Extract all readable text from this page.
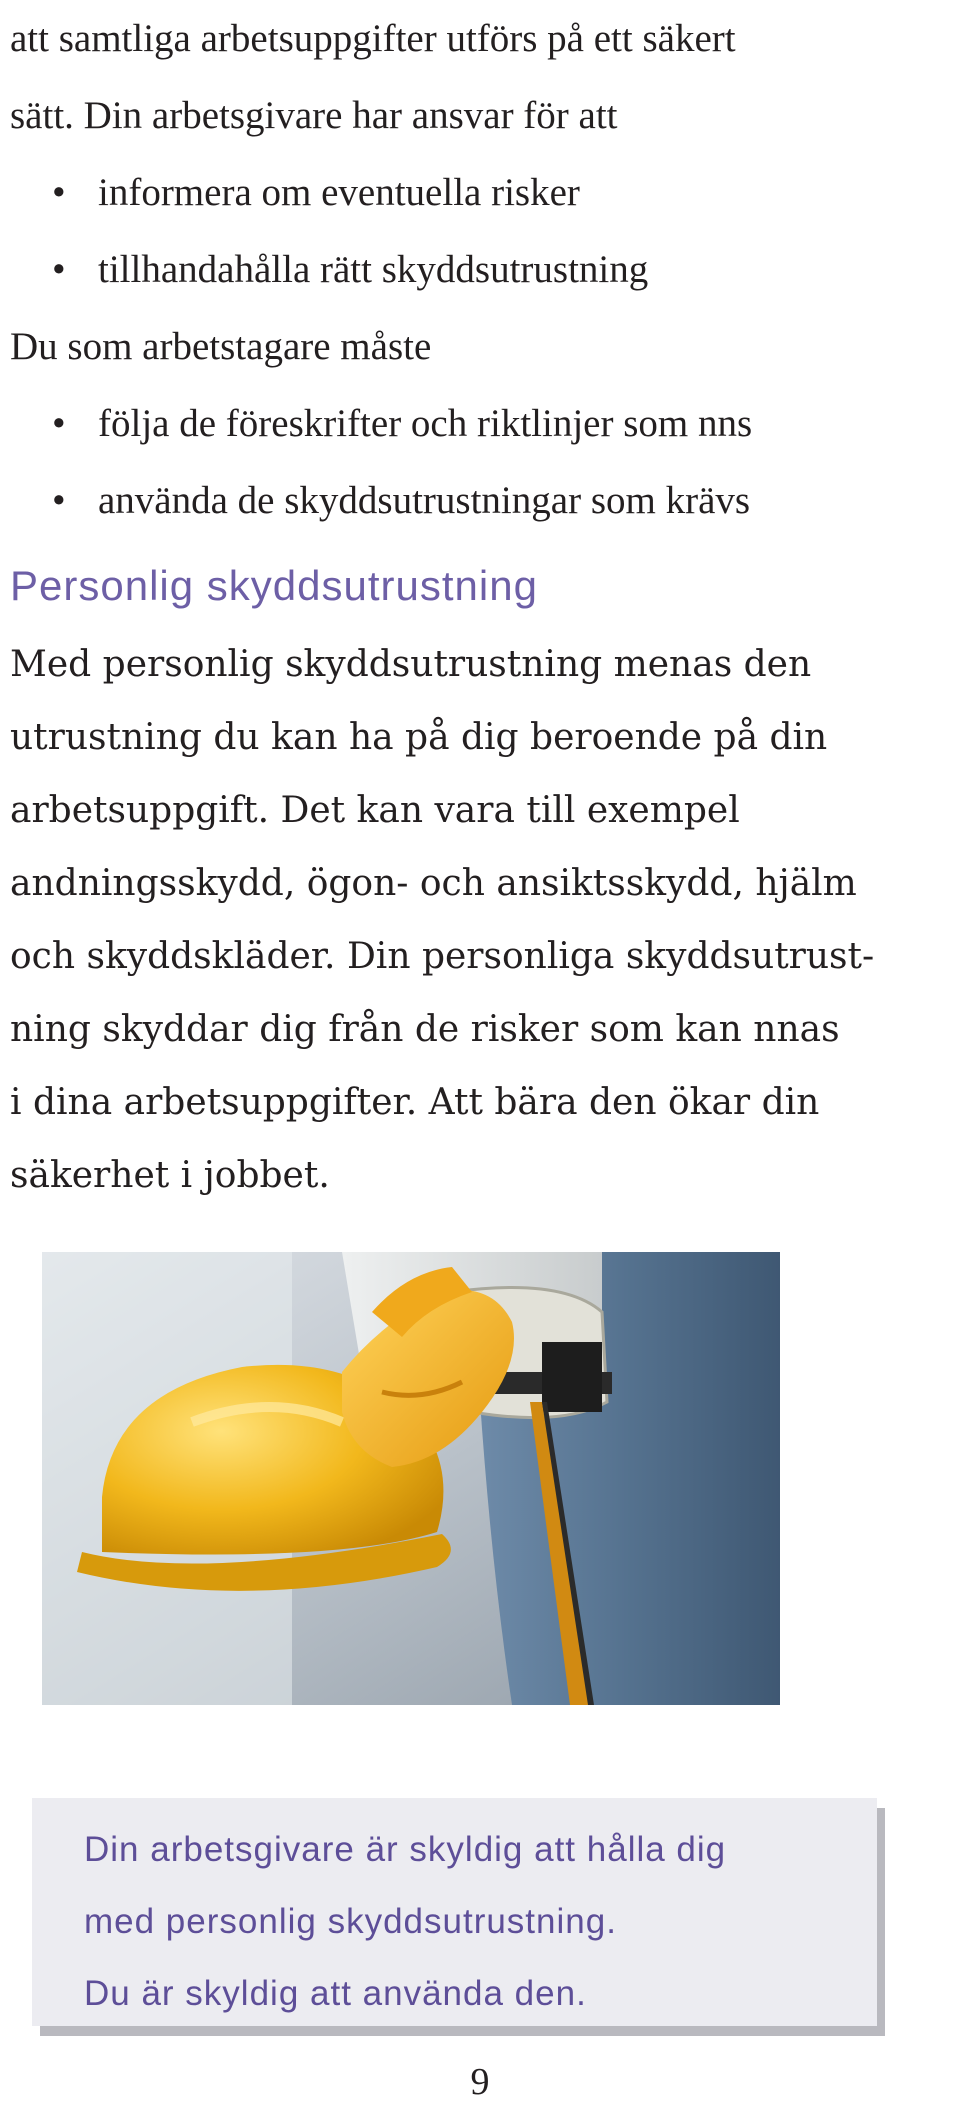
att samtliga arbetsuppgifter utförs på ett säkert
sätt. Din arbetsgivare har ansvar för att
• informera om eventuella risker
• tillhandahålla rätt skyddsutrustning
Du som arbetstagare måste
• följa de föreskrifter och riktlinjer som nns
• använda de skyddsutrustningar som krävs
Personlig skyddsutrustning
Med personlig skyddsutrustning menas den
utrustning du kan ha på dig beroende på din
arbetsuppgift. Det kan vara till exempel
andningsskydd, ögon- och ansiktsskydd, hjälm
och skyddskläder. Din personliga skyddsutrust-
ning skyddar dig från de risker som kan nnas
i dina arbetsuppgifter. Att bära den ökar din
säkerhet i jobbet.
Din arbetsgivare är skyldig att hålla dig
med personlig skyddsutrustning.
Du är skyldig att använda den.
9
